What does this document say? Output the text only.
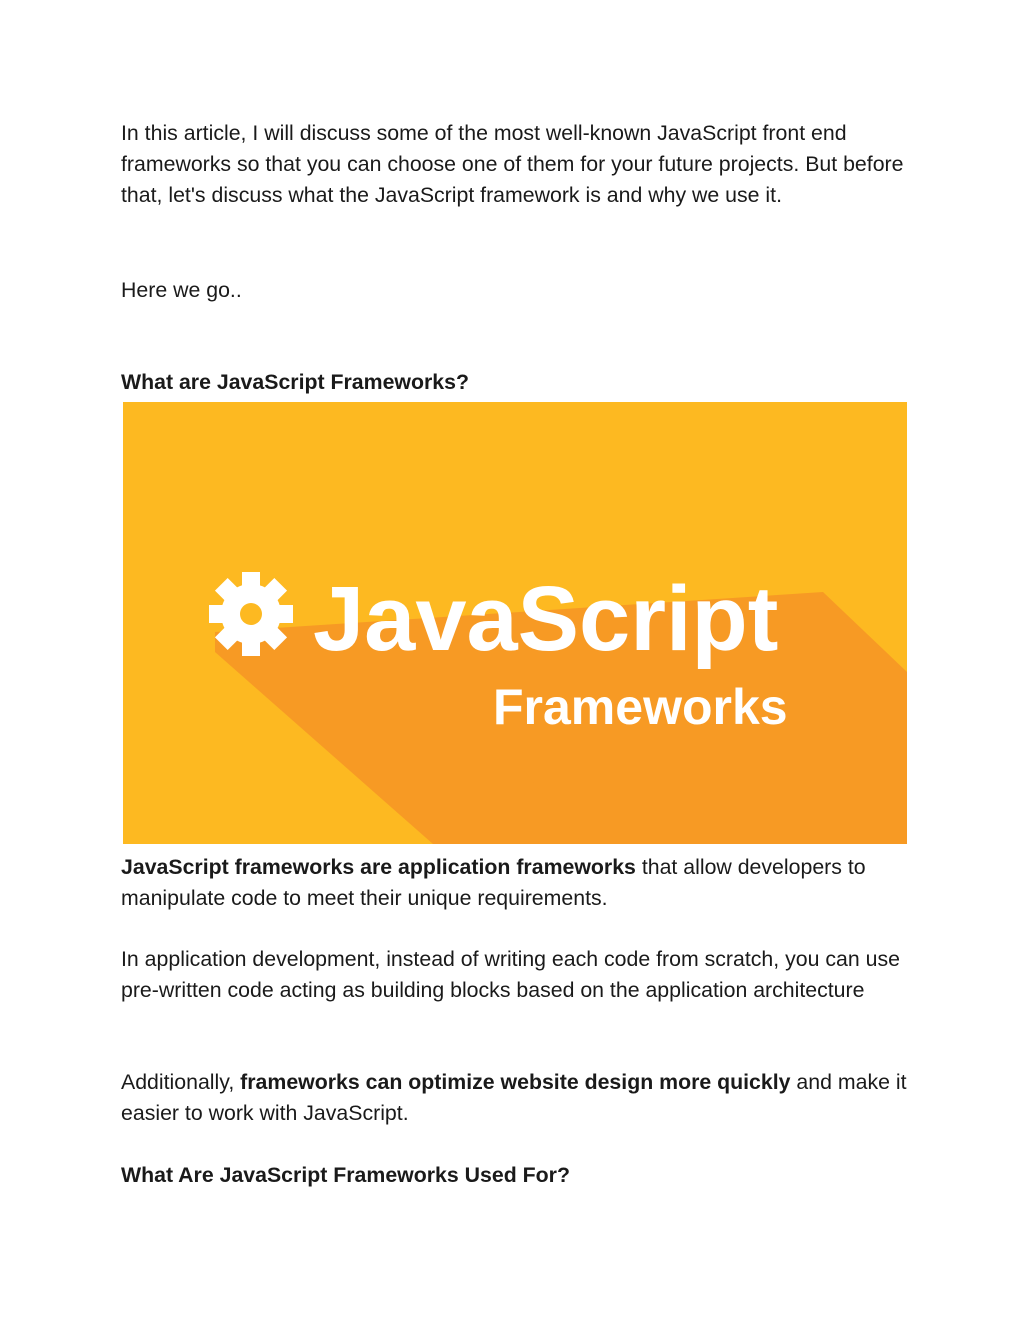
In this article, I will discuss some of the most well-known JavaScript front end frameworks so that you can choose one of them for your future projects. But before that, let's discuss what the JavaScript framework is and why we use it.

Here we go..

What are JavaScript Frameworks?

JavaScript
Frameworks

JavaScript frameworks are application frameworks that allow developers to manipulate code to meet their unique requirements.

In application development, instead of writing each code from scratch, you can use pre-written code acting as building blocks based on the application architecture

Additionally, frameworks can optimize website design more quickly and make it easier to work with JavaScript.

What Are JavaScript Frameworks Used For?
